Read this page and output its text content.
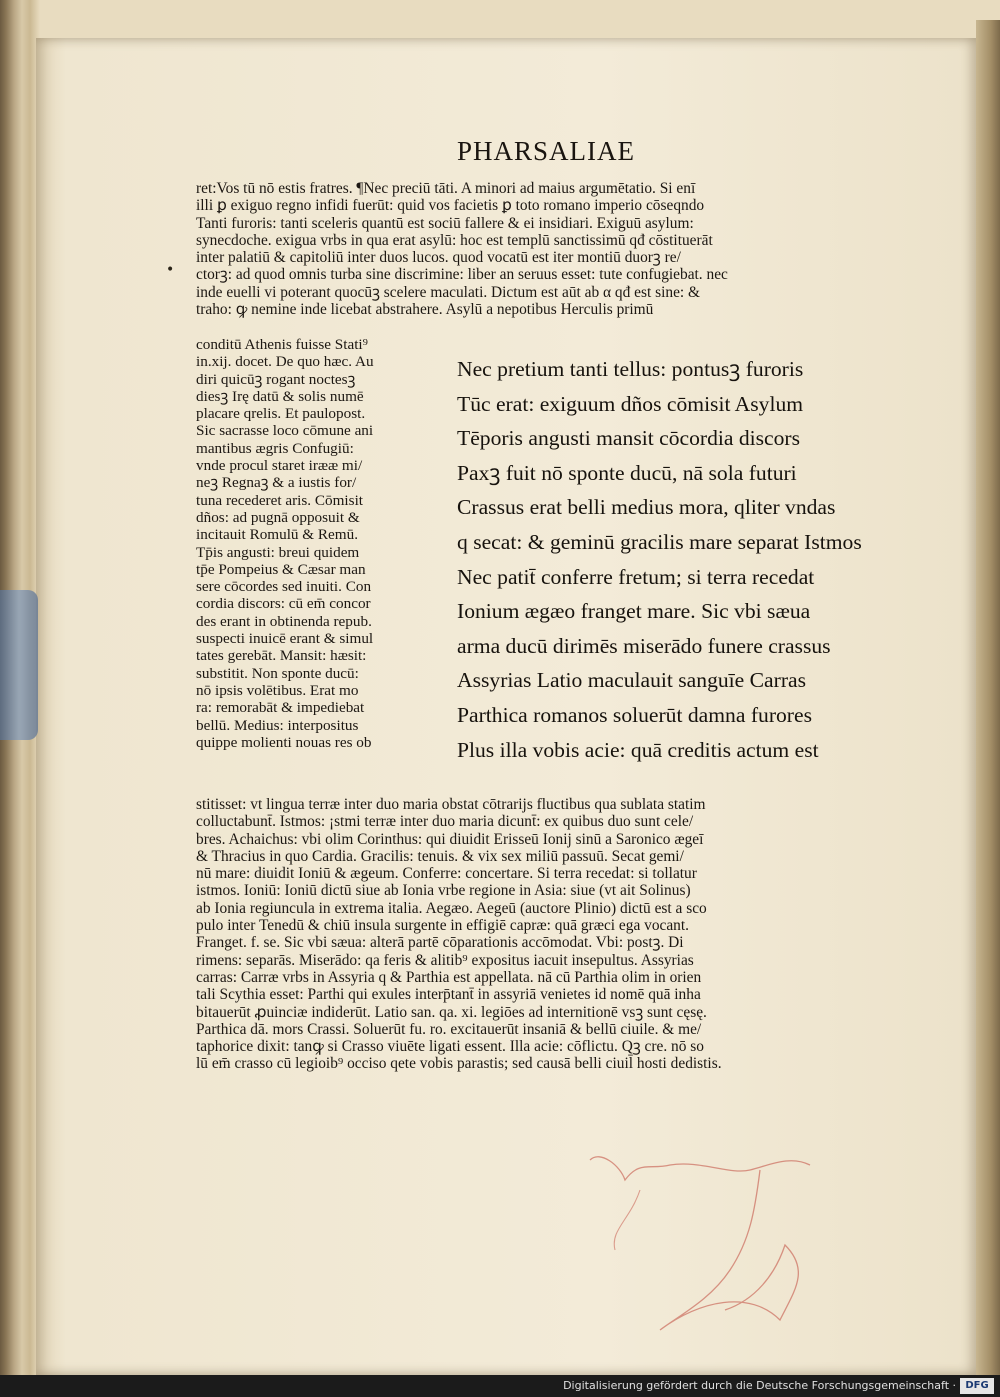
PHARSALIAE
ret:Vos tū nō estis fratres. ¶Nec preciū tāti. A minori ad maius argumētatio. Si enī
illi ꝑ exiguo regno infidi fuerūt: quid vos facietis ꝑ toto romano imperio cōseqndo
Tanti furoris: tanti sceleris quantū est sociū fallere & ei insidiari. Exiguū asylum:
synecdoche. exigua vrbs in qua erat asylū: hoc est templū sanctissimū qđ cōstituerāt
inter palatiū & capitoliū inter duos lucos. quod vocatū est iter montiū duorꝫ re/
ctorꝫ: ad quod omnis turba sine discrimine: liber an seruus esset: tute confugiebat. nec
inde euelli vi poterant quocūꝫ scelere maculati. Dictum est aūt ab α qđ est sine: &
traho: ꝙ nemine inde licebat abstrahere. Asylū a nepotibus Herculis primū
•
conditū Athenis fuisse Stati⁹
in.xij. docet. De quo hæc. Au
diri quicūꝫ rogant noctesꝫ
diesꝫ Irę datū & solis numē
placare qrelis. Et paulopost.
Sic sacrasse loco cōmune ani
mantibus ægris Confugiū:
vnde procul staret irææ mi/
neꝫ Regnaꝫ & a iustis for/
tuna recederet aris. Cōmisit
dños: ad pugnā opposuit &
incitauit Romulū & Remū.
Tp̄is angusti: breui quidem
tp̄e Pompeius & Cæsar man
sere cōcordes sed inuiti. Con
cordia discors: cū em̄ concor
des erant in obtinenda repub.
suspecti inuicē erant & simul
tates gerebāt. Mansit: hæsit:
substitit. Non sponte ducū:
nō ipsis volētibus. Erat mo
ra: remorabāt & impediebat
bellū. Medius: interpositus
quippe molienti nouas res ob
Nec pretium tanti tellus: pontusꝫ furoris
Tūc erat: exiguum dños cōmisit Asylum
Tēporis angusti mansit cōcordia discors
Paxꝫ fuit nō sponte ducū, nā sola futuri
Crassus erat belli medius mora, qliter vndas
q secat: & geminū gracilis mare separat Istmos
Nec patit̄ conferre fretum; si terra recedat
Ionium ægæo franget mare. Sic vbi sæua
arma ducū dirimēs miserādo funere crassus
Assyrias Latio maculauit sanguīe Carras
Parthica romanos soluerūt damna furores
Plus illa vobis acie: quā creditis actum est
stitisset: vt lingua terræ inter duo maria obstat cōtrarijs fluctibus qua sublata statim
colluctabunt̄. Istmos: ¡stmi terræ inter duo maria dicunt̄: ex quibus duo sunt cele/
bres. Achaichus: vbi olim Corinthus: qui diuidit Erisseū Ionij sinū a Saronico ægeī
& Thracius in quo Cardia. Gracilis: tenuis. & vix sex miliū passuū. Secat gemi/
nū mare: diuidit Ioniū & ægeum. Conferre: concertare. Si terra recedat: si tollatur
istmos. Ioniū: Ioniū dictū siue ab Ionia vrbe regione in Asia: siue (vt ait Solinus)
ab Ionia regiuncula in extrema italia. Aegæo. Aegeū (auctore Plinio) dictū est a sco
pulo inter Tenedū & chiū insula surgente in effigiē capræ: quā græci ega vocant.
Franget. f. se. Sic vbi sæua: alterā partē cōparationis accōmodat. Vbi: postꝫ. Di
rimens: separās. Miserādo: qa feris & alitib⁹ expositus iacuit insepultus. Assyrias
carras: Carræ vrbs in Assyria q & Parthia est appellata. nā cū Parthia olim in orien
tali Scythia esset: Parthi qui exules interp̄tant̄ in assyriā venietes id nomē quā inha
bitauerūt ꝓuinciæ indiderūt. Latio san. qa. xi. legiōes ad internitionē vsꝫ sunt cęsę.
Parthica dā. mors Crassi. Soluerūt fu. ro. excitauerūt insaniā & bellū ciuile. & me/
taphorice dixit: tanꝙ si Crasso viuēte ligati essent. Illa acie: cōflictu. Qꝫ cre. nō so
lū em̄ crasso cū legioib⁹ occiso qete vobis parastis; sed causā belli ciuil̄ hosti dedistis.
Digitalisierung gefördert durch die Deutsche Forschungsgemeinschaft · DFG
